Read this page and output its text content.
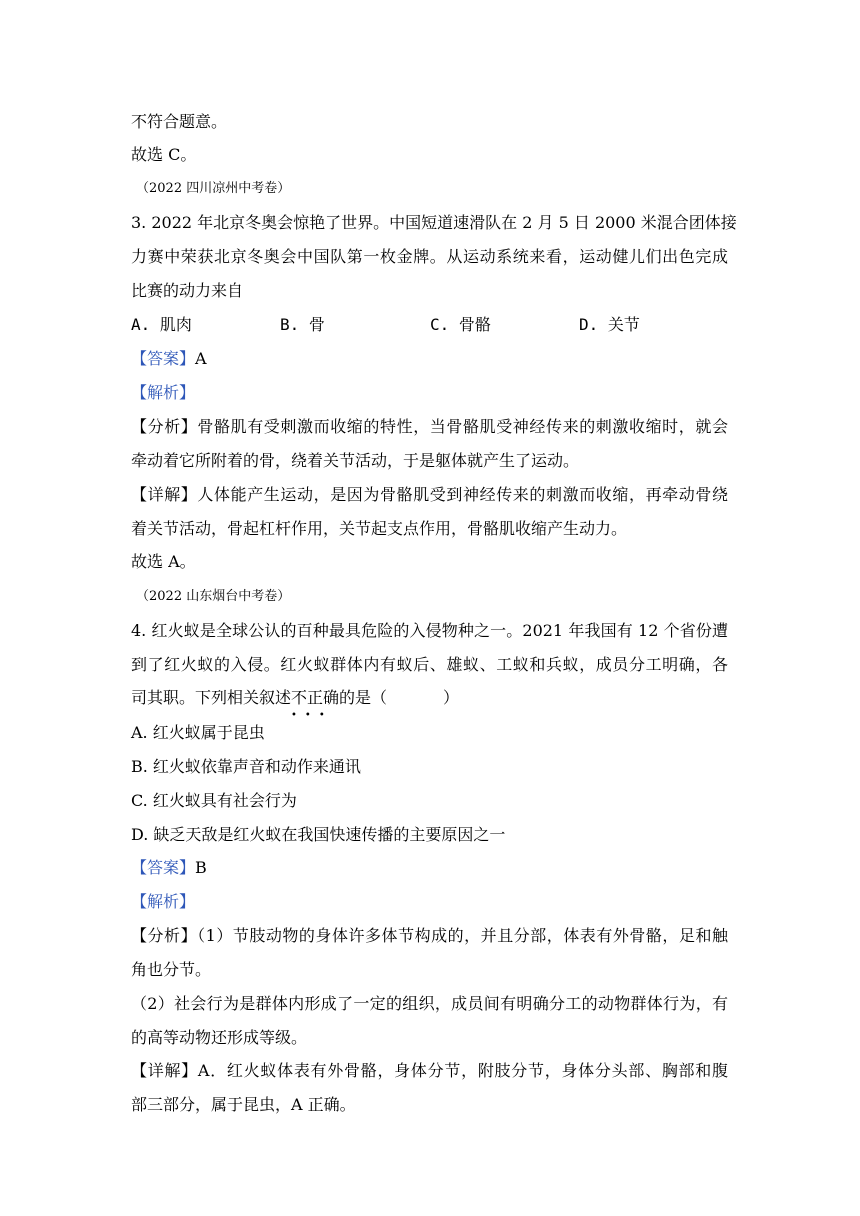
不符合题意。
故选 C。
（2022 四川凉州中考卷）
3. 2022 年北京冬奥会惊艳了世界。中国短道速滑队在 2 月 5 日 2000 米混合团体接
力赛中荣获北京冬奥会中国队第一枚金牌。从运动系统来看，运动健儿们出色完成
比赛的动力来自
A. 肌肉	B. 骨	C. 骨骼	D. 关节
【答案】A
【解析】
【分析】骨骼肌有受刺激而收缩的特性，当骨骼肌受神经传来的刺激收缩时，就会
牵动着它所附着的骨，绕着关节活动，于是躯体就产生了运动。
【详解】人体能产生运动，是因为骨骼肌受到神经传来的刺激而收缩，再牵动骨绕
着关节活动，骨起杠杆作用，关节起支点作用，骨骼肌收缩产生动力。
故选 A。
（2022 山东烟台中考卷）
4. 红火蚁是全球公认的百种最具危险的入侵物种之一。2021 年我国有 12 个省份遭
到了红火蚁的入侵。红火蚁群体内有蚁后、雄蚁、工蚁和兵蚁，成员分工明确，各
司其职。下列相关叙述不正确
•••
的是（	）
A. 红火蚁属于昆虫
B. 红火蚁依靠声音和动作来通讯
C. 红火蚁具有社会行为
D. 缺乏天敌是红火蚁在我国快速传播的主要原因之一
【答案】B
【解析】
【分析】（1）节肢动物的身体许多体节构成的，并且分部，体表有外骨骼，足和触
角也分节。
（2）社会行为是群体内形成了一定的组织，成员间有明确分工的动物群体行为，有
的高等动物还形成等级。
【详解】A．红火蚁体表有外骨骼，身体分节，附肢分节，身体分头部、胸部和腹
部三部分，属于昆虫，A 正确。
